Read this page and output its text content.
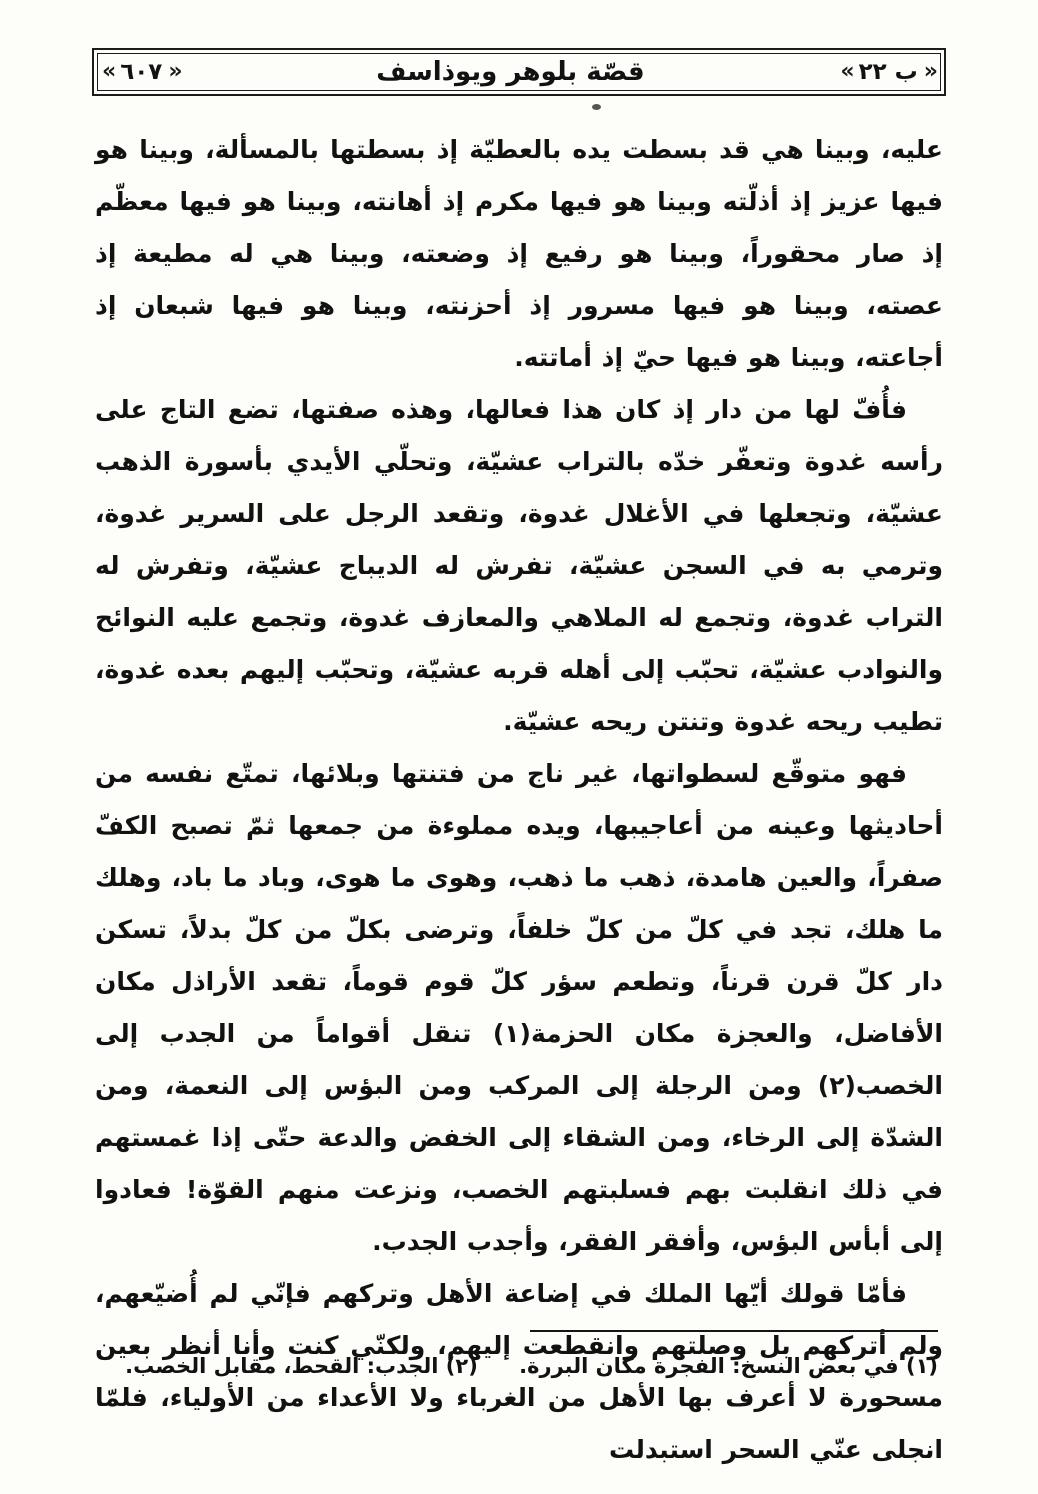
« ٦٠٧ »	قصّة بلوهر ويوذاسف	« ب ٢٢ »

عليه، وبينا هي قد بسطت يده بالعطيّة إذ بسطتها بالمسألة، وبينا هو فيها عزيز إذ أذلّته وبينا هو فيها مكرم إذ أهانته، وبينا هو فيها معظّم إذ صار محقوراً، وبينا هو رفيع إذ وضعته، وبينا هي له مطيعة إذ عصته، وبينا هو فيها مسرور إذ أحزنته، وبينا هو فيها شبعان إذ أجاعته، وبينا هو فيها حيّ إذ أماتته.

فأُفّ لها من دار إذ كان هذا فعالها، وهذه صفتها، تضع التاج على رأسه غدوة وتعفّر خدّه بالتراب عشيّة، وتحلّي الأيدي بأسورة الذهب عشيّة، وتجعلها في الأغلال غدوة، وتقعد الرجل على السرير غدوة، وترمي به في السجن عشيّة، تفرش له الديباج عشيّة، وتفرش له التراب غدوة، وتجمع له الملاهي والمعازف غدوة، وتجمع عليه النوائح والنوادب عشيّة، تحبّب إلى أهله قربه عشيّة، وتحبّب إليهم بعده غدوة، تطيب ريحه غدوة وتنتن ريحه عشيّة.

فهو متوقّع لسطواتها، غير ناج من فتنتها وبلائها، تمتّع نفسه من أحاديثها وعينه من أعاجيبها، ويده مملوءة من جمعها ثمّ تصبح الكفّ صفراً، والعين هامدة، ذهب ما ذهب، وهوى ما هوى، وباد ما باد، وهلك ما هلك، تجد في كلّ من كلّ خلفاً، وترضى بكلّ من كلّ بدلاً، تسكن دار كلّ قرن قرناً، وتطعم سؤر كلّ قوم قوماً، تقعد الأراذل مكان الأفاضل، والعجزة مكان الحزمة(١) تنقل أقواماً من الجدب إلى الخصب(٢) ومن الرجلة إلى المركب ومن البؤس إلى النعمة، ومن الشدّة إلى الرخاء، ومن الشقاء إلى الخفض والدعة حتّى إذا غمستهم في ذلك انقلبت بهم فسلبتهم الخصب، ونزعت منهم القوّة! فعادوا إلى أبأس البؤس، وأفقر الفقر، وأجدب الجدب.

فأمّا قولك أيّها الملك في إضاعة الأهل وتركهم فإنّي لم أُضيّعهم، ولم أتركهم بل وصلتهم وانقطعت إليهم، ولكنّي كنت وأنا أنظر بعين مسحورة لا أعرف بها الأهل من الغرباء ولا الأعداء من الأولياء، فلمّا انجلى عنّي السحر استبدلت

(١) في بعض النسخ: الفجرة مكان البررة. (٢) الجدب: القحط، مقابل الخصب.
